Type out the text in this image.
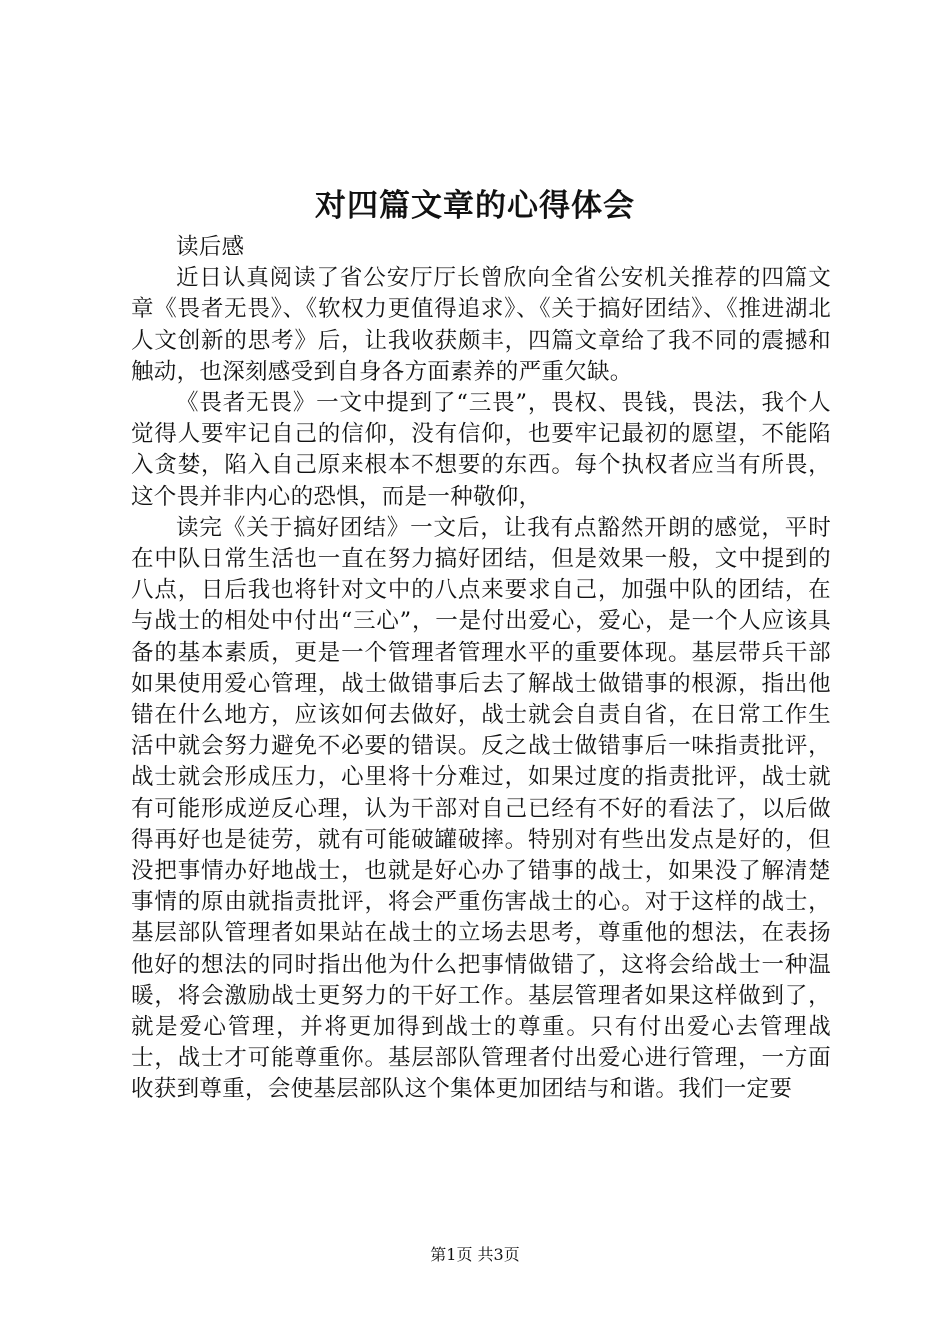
对四篇文章的心得体会

读后感

近日认真阅读了省公安厅厅长曾欣向全省公安机关推荐的四篇文章《畏者无畏》、《软权力更值得追求》、《关于搞好团结》、《推进湖北人文创新的思考》后，让我收获颇丰，四篇文章给了我不同的震撼和触动，也深刻感受到自身各方面素养的严重欠缺。

《畏者无畏》一文中提到了“三畏”，畏权、畏钱，畏法，我个人觉得人要牢记自己的信仰，没有信仰，也要牢记最初的愿望，不能陷入贪婪，陷入自己原来根本不想要的东西。每个执权者应当有所畏，这个畏并非内心的恐惧，而是一种敬仰，

读完《关于搞好团结》一文后，让我有点豁然开朗的感觉，平时在中队日常生活也一直在努力搞好团结，但是效果一般，文中提到的八点，日后我也将针对文中的八点来要求自己，加强中队的团结，在与战士的相处中付出“三心”，一是付出爱心，爱心，是一个人应该具备的基本素质，更是一个管理者管理水平的重要体现。基层带兵干部如果使用爱心管理，战士做错事后去了解战士做错事的根源，指出他错在什么地方，应该如何去做好，战士就会自责自省，在日常工作生活中就会努力避免不必要的错误。反之战士做错事后一味指责批评，战士就会形成压力，心里将十分难过，如果过度的指责批评，战士就有可能形成逆反心理，认为干部对自己已经有不好的看法了，以后做得再好也是徒劳，就有可能破罐破摔。特别对有些出发点是好的，但没把事情办好地战士，也就是好心办了错事的战士，如果没了解清楚事情的原由就指责批评，将会严重伤害战士的心。对于这样的战士，基层部队管理者如果站在战士的立场去思考，尊重他的想法，在表扬他好的想法的同时指出他为什么把事情做错了，这将会给战士一种温暖，将会激励战士更努力的干好工作。基层管理者如果这样做到了，就是爱心管理，并将更加得到战士的尊重。只有付出爱心去管理战士，战士才可能尊重你。基层部队管理者付出爱心进行管理，一方面收获到尊重，会使基层部队这个集体更加团结与和谐。我们一定要

第1页 共3页
